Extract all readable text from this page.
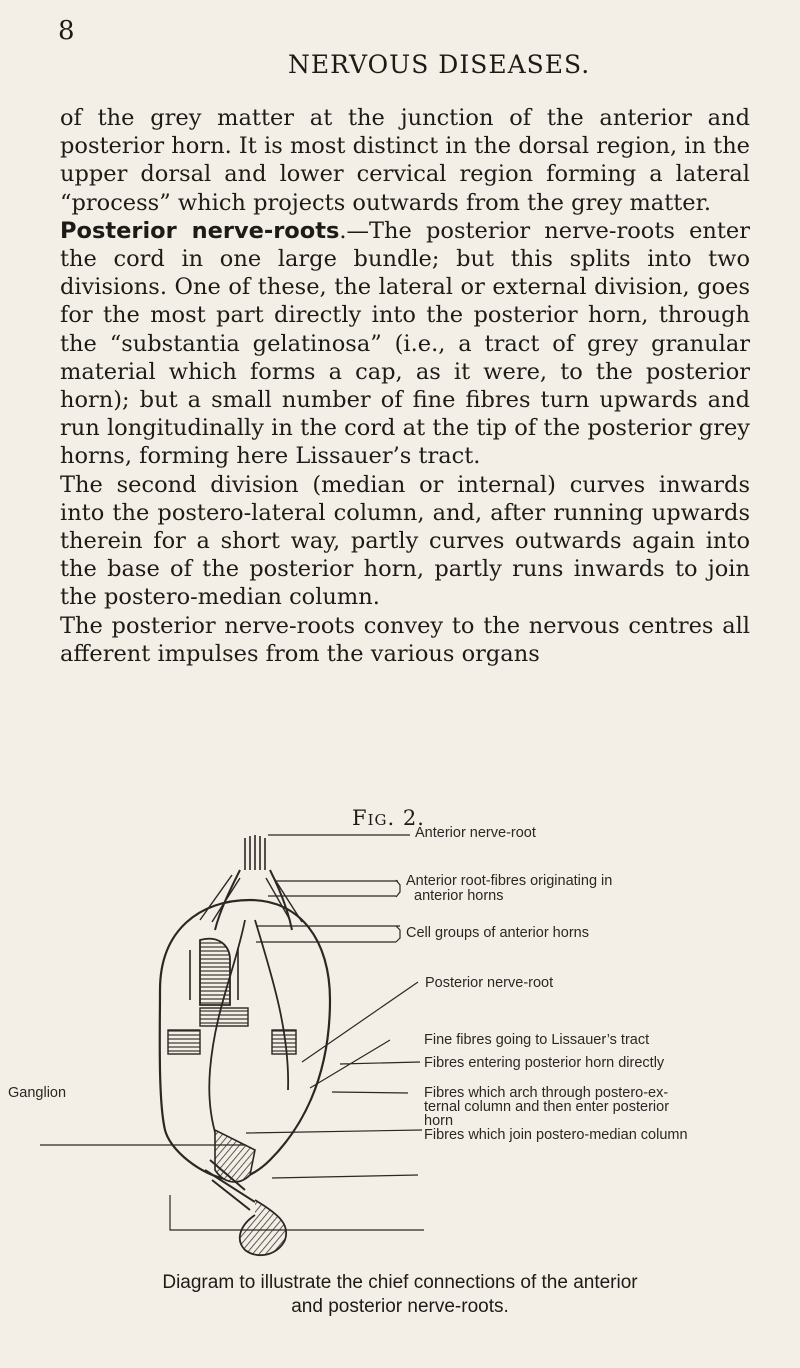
8
NERVOUS DISEASES.

of the grey matter at the junction of the anterior and posterior horn. It is most distinct in the dorsal region, in the upper dorsal and lower cervical region forming a lateral “process” which projects outwards from the grey matter.

Posterior nerve-roots.—The posterior nerve-roots enter the cord in one large bundle; but this splits into two divisions. One of these, the lateral or external division, goes for the most part directly into the posterior horn, through the “substantia gelatinosa” (i.e., a tract of grey granular material which forms a cap, as it were, to the posterior horn); but a small number of fine fibres turn upwards and run longitudinally in the cord at the tip of the posterior grey horns, forming here Lissauer’s tract.

The second division (median or internal) curves inwards into the postero-lateral column, and, after running upwards therein for a short way, partly curves outwards again into the base of the posterior horn, partly runs inwards to join the postero-median column.

The posterior nerve-roots convey to the nervous centres all afferent impulses from the various organs

Fig. 2.
Anterior nerve-root
Anterior root-fibres originating in
anterior horns
Cell groups of anterior horns
Posterior nerve-root
Fine fibres going to Lissauer’s tract
Fibres entering posterior horn directly
Fibres which arch through postero-ex-
ternal column and then enter posterior
horn
Fibres which join postero-median column
Ganglion
Diagram to illustrate the chief connections of the anterior
and posterior nerve-roots.
